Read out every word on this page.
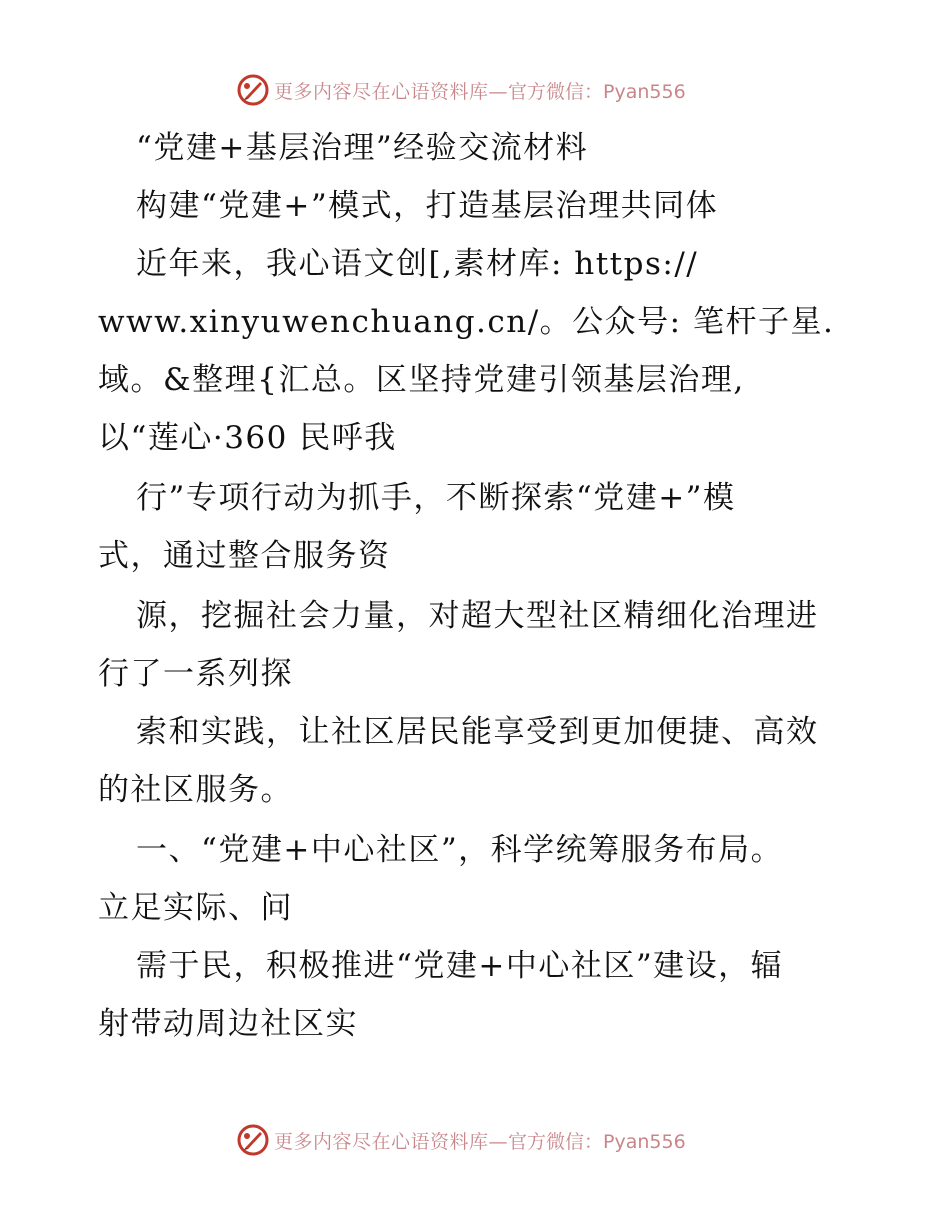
更多内容尽在心语资料库— 官方微信：Pyan556
“党建+基层治理”经验交流材料
构建“党建+”模式，打造基层治理共同体
近年来，我心语文创[,素材库: https://
www.xinyuwenchuang.cn/。公众号: 笔杆子星.
域。&整理{汇总。区坚持党建引领基层治理,
以“莲心·360 民呼我
行”专项行动为抓手，不断探索“党建+”模
式，通过整合服务资
源，挖掘社会力量，对超大型社区精细化治理进
行了一系列探
索和实践，让社区居民能享受到更加便捷、高效
的社区服务。
一、“党建+中心社区”，科学统筹服务布局。
立足实际、问
需于民，积极推进“党建+中心社区”建设，辐
射带动周边社区实
更多内容尽在心语资料库— 官方微信：Pyan556
